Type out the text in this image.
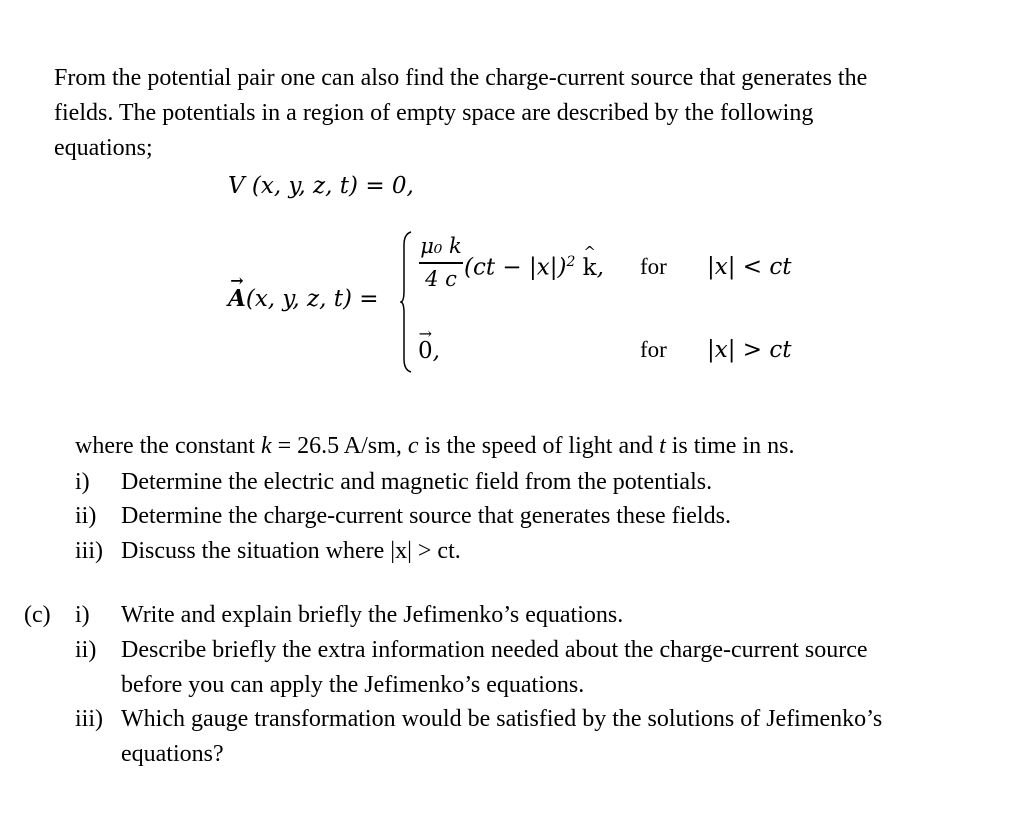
From the potential pair one can also find the charge-current source that generates the
fields. The potentials in a region of empty space are described by the following
equations;
V (x, y, z, t) = 0,
→ A(x, y, z, t) =
μ₀ k
4 c (ct − |x|)$^2$ ^ k,
→ 0,
for
for
|x| < ct
|x| > ct
where the constant k = 26.5 A/sm, c is the speed of light and t is time in ns.
i) Determine the electric and magnetic field from the potentials.
ii) Determine the charge-current source that generates these fields.
iii) Discuss the situation where |x| > ct.
(c) i) Write and explain briefly the Jefimenko’s equations.
ii) Describe briefly the extra information needed about the charge-current source
before you can apply the Jefimenko’s equations.
iii) Which gauge transformation would be satisfied by the solutions of Jefimenko’s
equations?
